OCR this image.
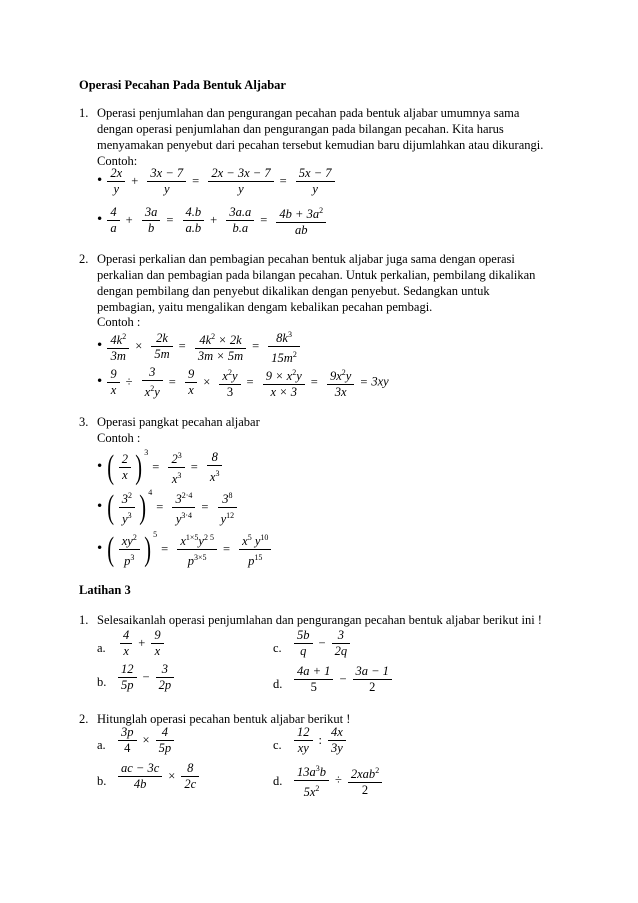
Operasi Pecahan Pada Bentuk Aljabar
1. Operasi penjumlahan dan pengurangan pecahan pada bentuk aljabar umumnya sama
dengan operasi penjumlahan dan pengurangan pada bilangan pecahan. Kita harus
menyamakan penyebut dari pecahan tersebut kemudian baru dijumlahkan atau dikurangi.
Contoh:
• $\frac{2x}{y} + \frac{3x - 7}{y} = \frac{2x - 3x - 7}{y} = \frac{5x - 7}{y}$
• $\frac{4}{a} + \frac{3a}{b} = \frac{4.b}{a.b} + \frac{3a.a}{b.a} = \frac{4b + 3a^2}{ab}$
2. Operasi perkalian dan pembagian pecahan bentuk aljabar juga sama dengan operasi
perkalian dan pembagian pada bilangan pecahan. Untuk perkalian, pembilang dikalikan
dengan pembilang dan penyebut dikalikan dengan penyebut. Sedangkan untuk
pembagian, yaitu mengalikan dengam kebalikan pecahan pembagi.
Contoh :
• $\frac{4k^2}{3m} \times \frac{2k}{5m} = \frac{4k^2 \times 2k}{3m \times 5m} = \frac{8k^3}{15m^2}$
• $\frac{9}{x} \div \frac{3}{x^2y} = \frac{9}{x} \times \frac{x^2y}{3} = \frac{9 \times x^2y}{x \times 3} = \frac{9x^2y}{3x} = 3xy$
3. Operasi pangkat pecahan aljabar
Contoh :
• ( $\frac{2}{x}$ ) $^3= \frac{2^3}{x^3} = \frac{8}{x^3}$
• ( $\frac{3^2}{y^3}$ ) $^4= \frac{3^{2\cdot 4}}{y^{3\cdot 4}} = \frac{3^8}{y^{12}}$
• ( $\frac{xy^2}{p^3}$ ) $^5= \frac{x^{1\times 5}y^{2 5}}{p^{3\times 5}} = \frac{x^5 y^{10}}{p^{15}}$
Latihan 3
1. Selesaikanlah operasi penjumlahan dan pengurangan pecahan bentuk aljabar berikut ini !
a. $\frac{4}{x} + \frac{9}{x}$	c. $\frac{5b}{q} - \frac{3}{2q}$
b. $\frac{12}{5p} - \frac{3}{2p}$	d. $\frac{4a + 1}{5} - \frac{3a - 1}{2}$
2. Hitunglah operasi pecahan bentuk aljabar berikut !
a. $\frac{3p}{4} \times \frac{4}{5p}$	c. $\frac{12}{xy}$ : $\frac{4x}{3y}$
b. $\frac{ac - 3c}{4b} \times \frac{8}{2c}$	d. $\frac{13a^3b}{5x^2} \div \frac{2xab^2}{2}$
